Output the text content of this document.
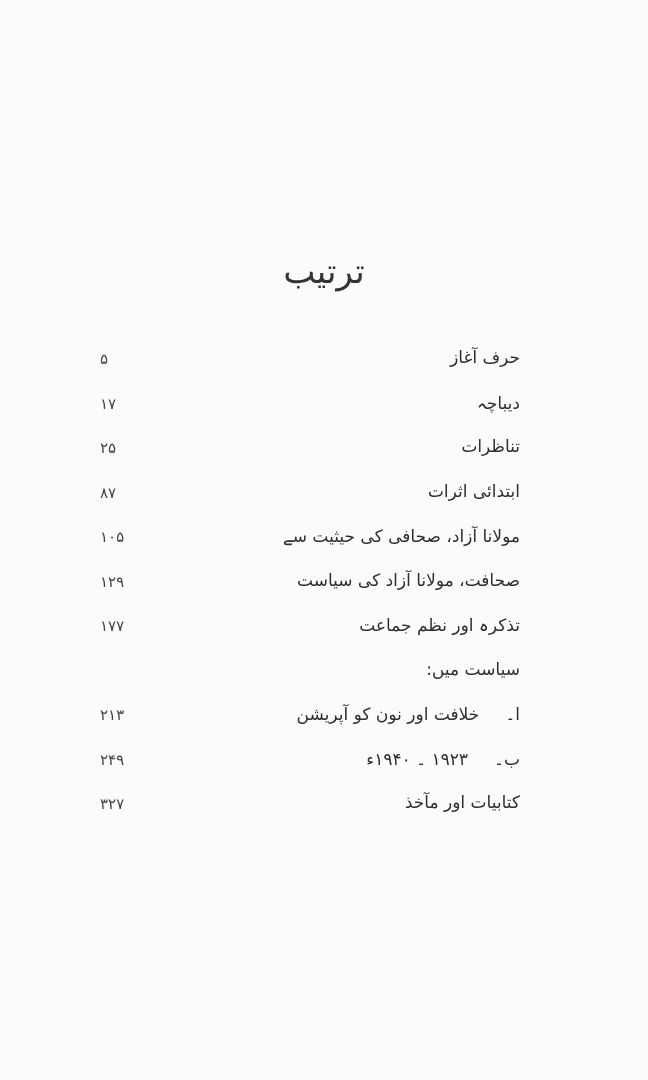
ترتیب
حرف آغاز
۵
دیباچہ
۱۷
تناظرات
۲۵
ابتدائی اثرات
۸۷
مولانا آزاد، صحافی کی حیثیت سے
۱۰۵
صحافت، مولانا آزاد کی سیاست
۱۲۹
تذکرہ اور نظم جماعت
۱۷۷
سیاست میں:
ا۔خلافت اور نون کو آپریشن
۲۱۳
ب۔۱۹۲۳ ۔ ۱۹۴۰ء
۲۴۹
کتابیات اور مآخذ
۳۲۷
